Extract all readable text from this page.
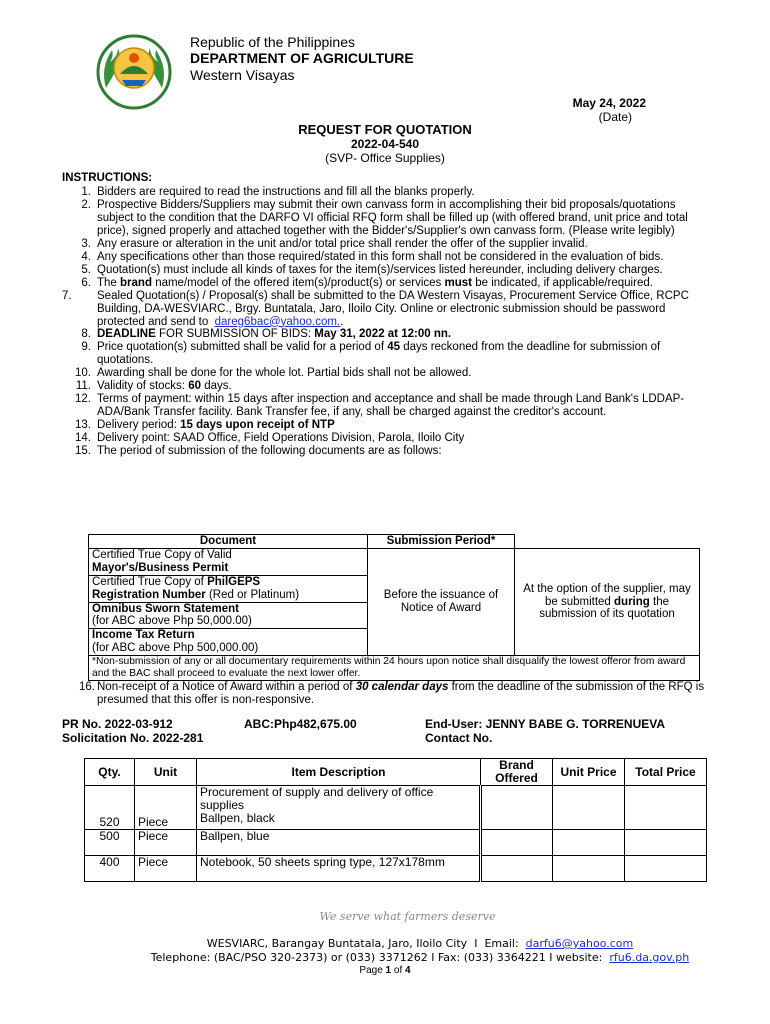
Republic of the Philippines
DEPARTMENT OF AGRICULTURE
Western Visayas
May 24, 2022
(Date)
REQUEST FOR QUOTATION
2022-04-540
(SVP- Office Supplies)
INSTRUCTIONS:
1. Bidders are required to read the instructions and fill all the blanks properly.
2. Prospective Bidders/Suppliers may submit their own canvass form in accomplishing their bid proposals/quotations subject to the condition that the DARFO VI official RFQ form shall be filled up (with offered brand, unit price and total price), signed properly and attached together with the Bidder's/Supplier's own canvass form. (Please write legibly)
3. Any erasure or alteration in the unit and/or total price shall render the offer of the supplier invalid.
4. Any specifications other than those required/stated in this form shall not be considered in the evaluation of bids.
5. Quotation(s) must include all kinds of taxes for the item(s)/services listed hereunder, including delivery charges.
6. The brand name/model of the offered item(s)/product(s) or services must be indicated, if applicable/required.
7. Sealed Quotation(s) / Proposal(s) shall be submitted to the DA Western Visayas, Procurement Service Office, RCPC Building, DA-WESVIARC., Brgy. Buntatala, Jaro, Iloilo City. Online or electronic submission should be password protected and send to dareg6bac@yahoo.com..
8. DEADLINE FOR SUBMISSION OF BIDS: May 31, 2022 at 12:00 nn.
9. Price quotation(s) submitted shall be valid for a period of 45 days reckoned from the deadline for submission of quotations.
10. Awarding shall be done for the whole lot. Partial bids shall not be allowed.
11. Validity of stocks: 60 days.
12. Terms of payment: within 15 days after inspection and acceptance and shall be made through Land Bank's LDDAP-ADA/Bank Transfer facility. Bank Transfer fee, if any, shall be charged against the creditor's account.
13. Delivery period: 15 days upon receipt of NTP
14. Delivery point: SAAD Office, Field Operations Division, Parola, Iloilo City
15. The period of submission of the following documents are as follows:
Document	Submission Period*	
Certified True Copy of Valid
Mayor's/Business Permit	Before the issuance of Notice of Award	At the option of the supplier, may be submitted during the submission of its quotation
Certified True Copy of PhilGEPS
Registration Number (Red or Platinum)		
Omnibus Sworn Statement
(for ABC above Php 50,000.00)		
Income Tax Return
(for ABC above Php 500,000.00)		
*Non-submission of any or all documentary requirements within 24 hours upon notice shall disqualify the lowest offeror from award and the BAC shall proceed to evaluate the next lower offer.		
16. Non-receipt of a Notice of Award within a period of 30 calendar days from the deadline of the submission of the RFQ is presumed that this offer is non-responsive.
PR No. 2022-03-912
Solicitation No. 2022-281
ABC:Php482,675.00	End-User: JENNY BABE G. TORRENUEVA
Contact No.
Qty.	Unit	Item Description	Brand Offered	Unit Price	Total Price
520	Piece	Procurement of supply and delivery of office supplies
Ballpen, black			

500	Piece	Ballpen, blue			
400	Piece	Notebook, 50 sheets spring type, 127x178mm			
We serve what farmers deserve
WESVIARC, Barangay Buntatala, Jaro, Iloilo City I Email: darfu6@yahoo.com
Telephone: (BAC/PSO 320-2373) or (033) 3371262 I Fax: (033) 3364221 I website: rfu6.da.gov.ph
Page 1 of 4
